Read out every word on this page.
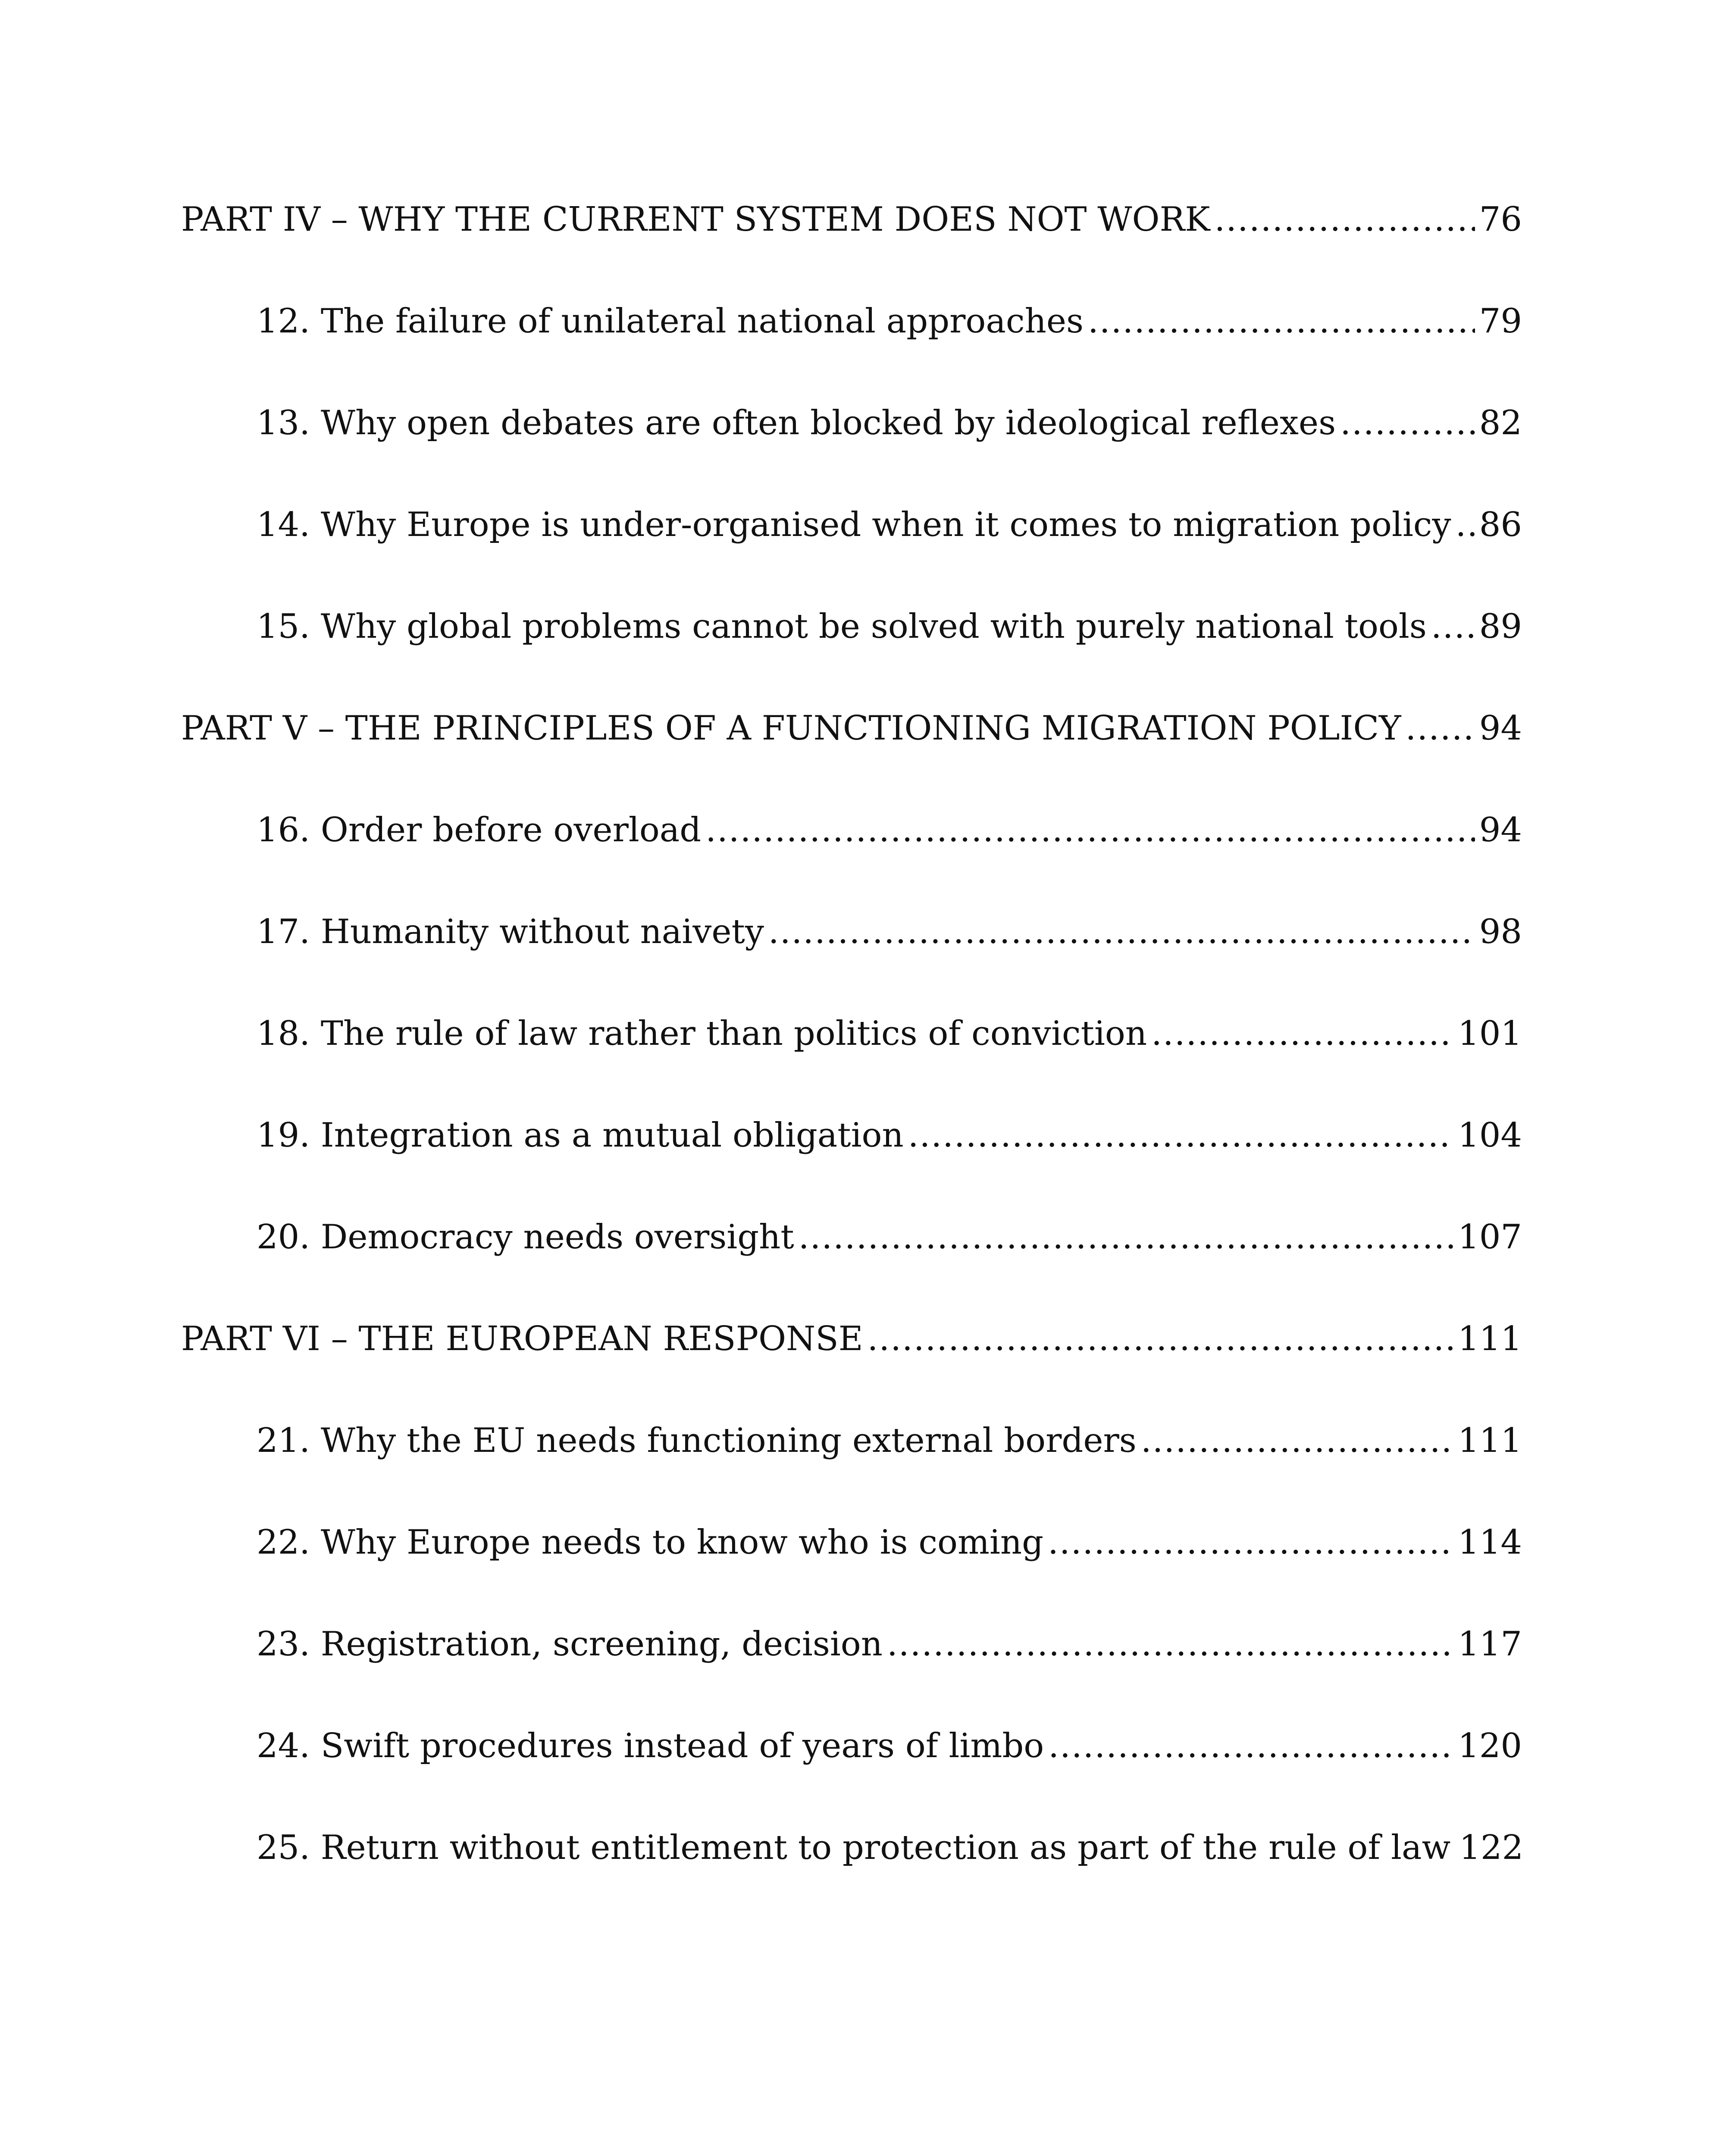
PART IV – WHY THE CURRENT SYSTEM DOES NOT WORK .....	76
12. The failure of unilateral national approaches .....	79
13. Why open debates are often blocked by ideological reflexes .....	82
14. Why Europe is under-organised when it comes to migration policy ..... 86
15. Why global problems cannot be solved with purely national tools ..... 89
PART V – THE PRINCIPLES OF A FUNCTIONING MIGRATION POLICY ..... 94
16. Order before overload .....	94
17. Humanity without naivety .....	98
18. The rule of law rather than politics of conviction .....	101
19. Integration as a mutual obligation .....	104
20. Democracy needs oversight .....	107
PART VI – THE EUROPEAN RESPONSE .....	111
21. Why the EU needs functioning external borders .....	111
22. Why Europe needs to know who is coming .....	114
23. Registration, screening, decision .....	117
24. Swift procedures instead of years of limbo .....	120
25. Return without entitlement to protection as part of the rule of law 122
